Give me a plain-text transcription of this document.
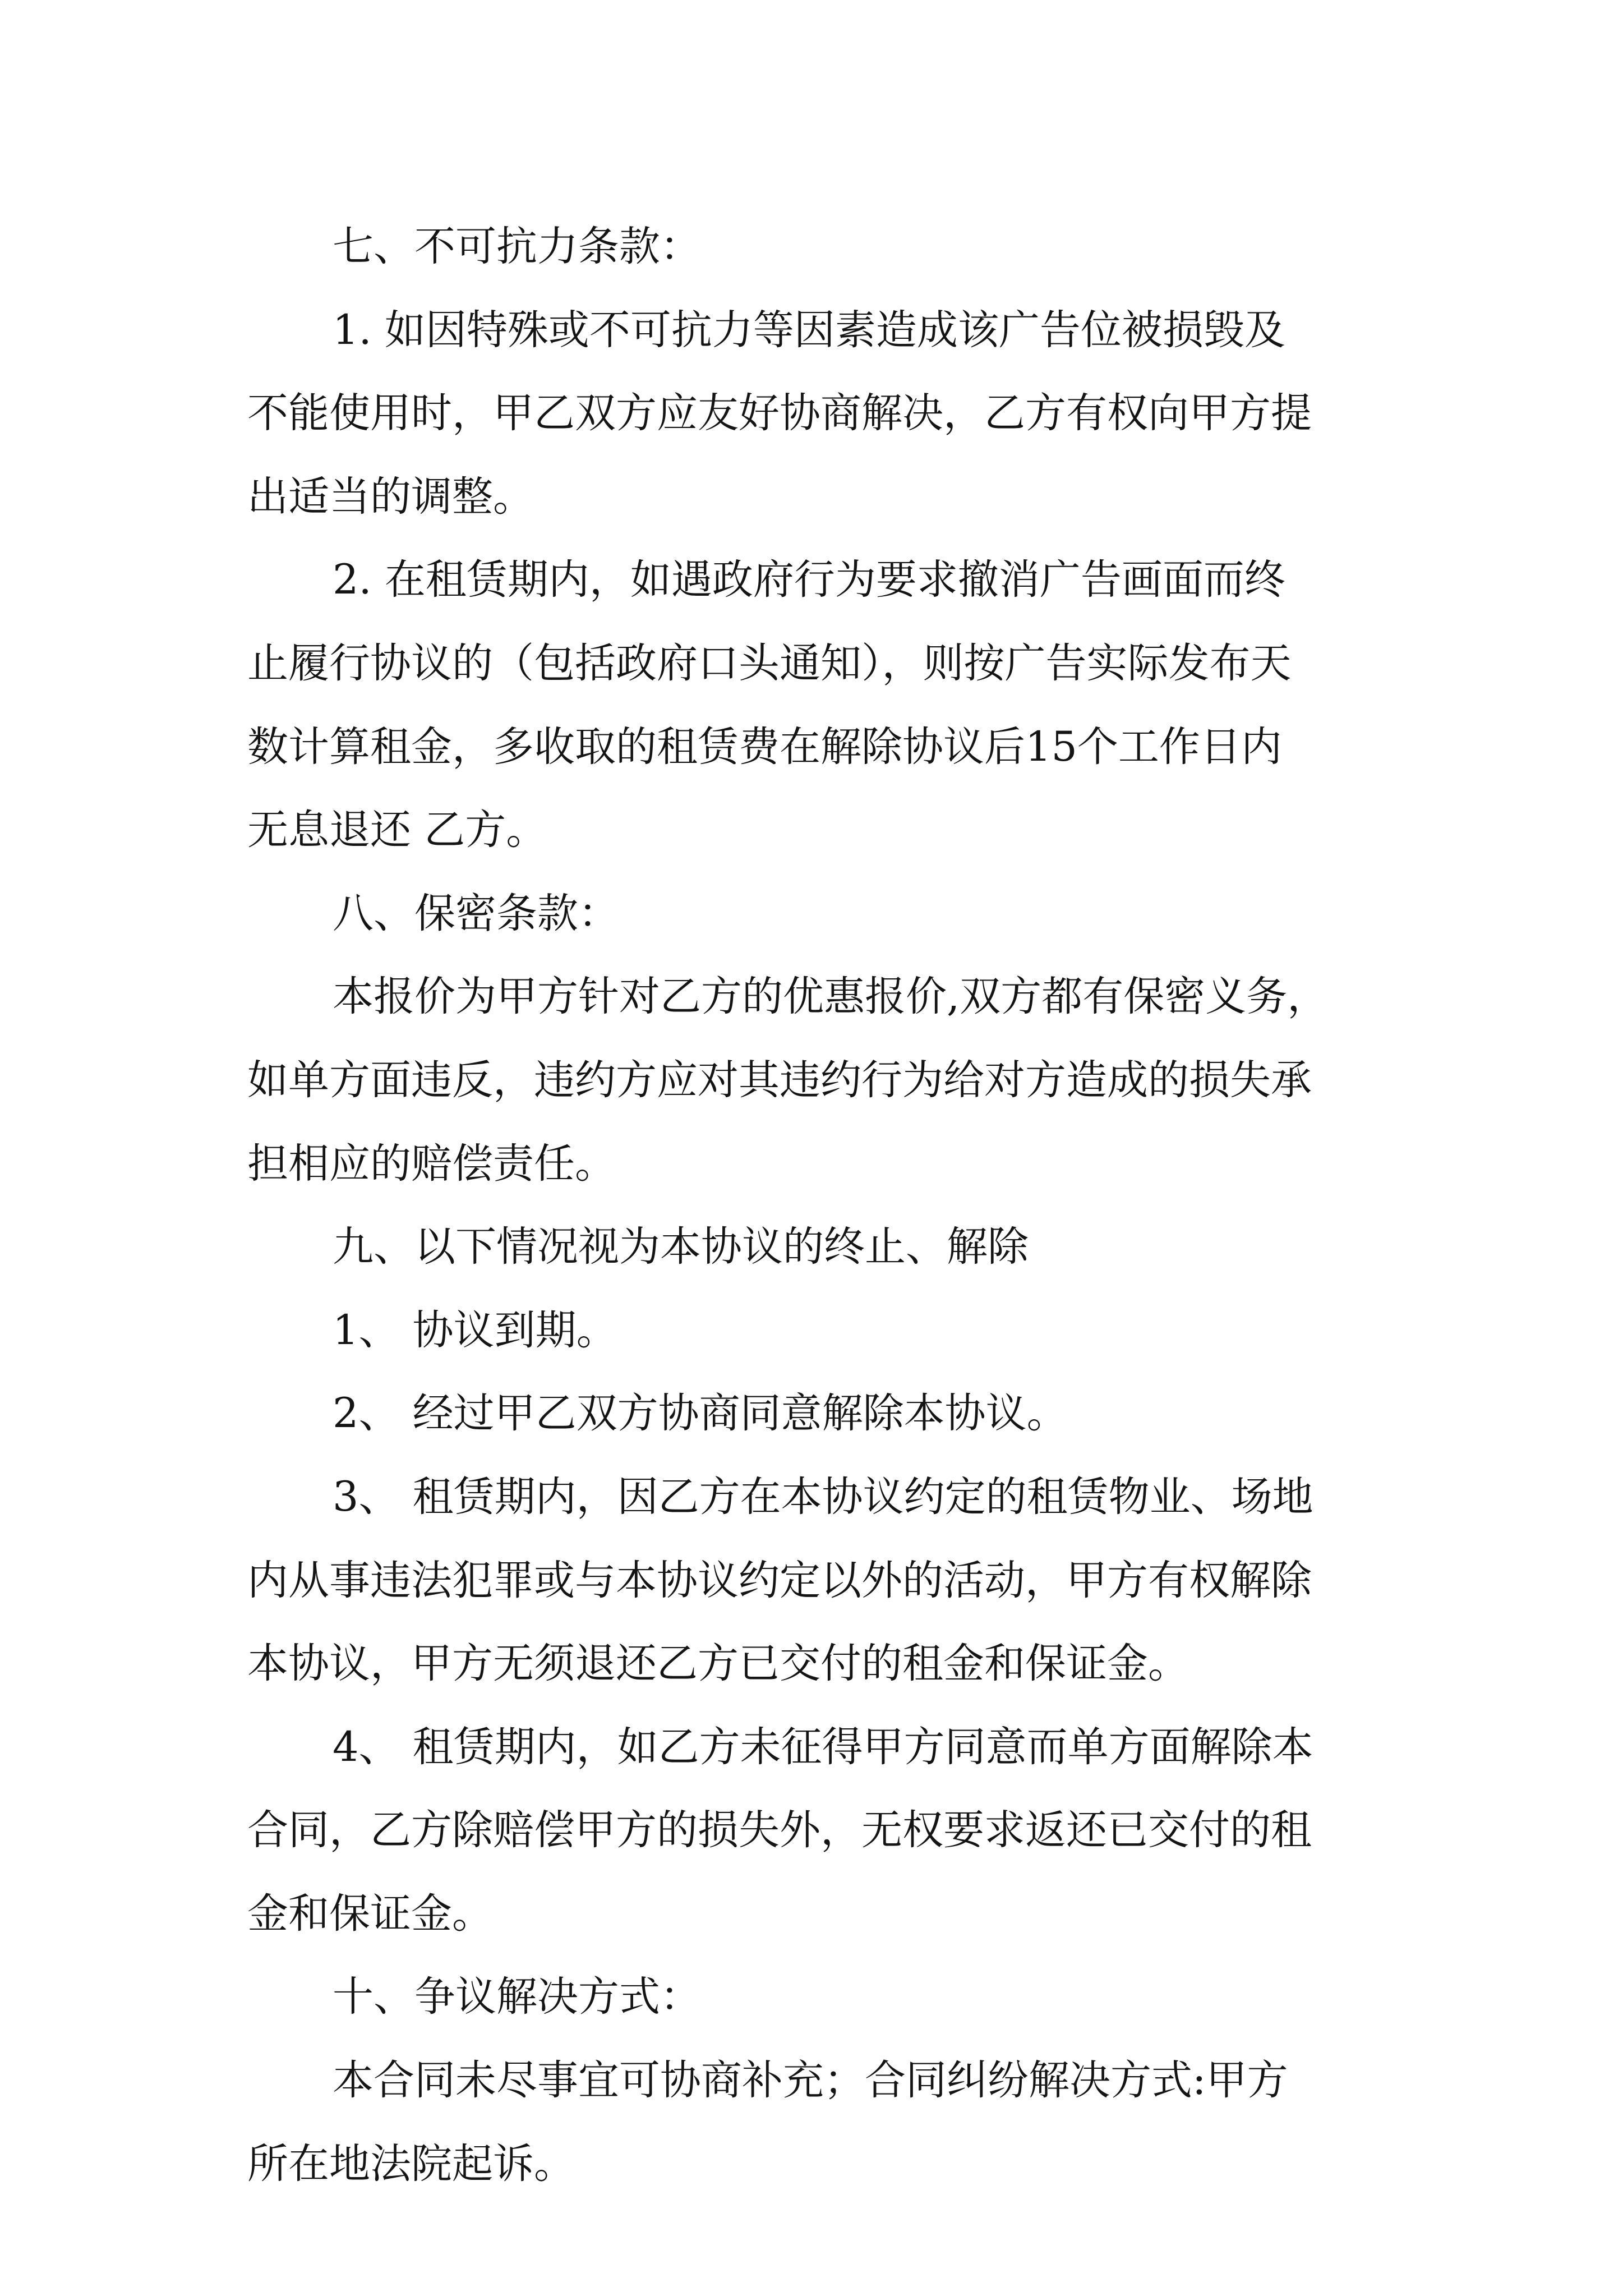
七、不可抗力条款：
1. 如因特殊或不可抗力等因素造成该广告位被损毁及
不能使用时，甲乙双方应友好协商解决，乙方有权向甲方提
出适当的调整。
2. 在租赁期内，如遇政府行为要求撤消广告画面而终
止履行协议的（包括政府口头通知），则按广告实际发布天
数计算租金，多收取的租赁费在解除协议后15个工作日内
无息退还 乙方。
八、保密条款：
本报价为甲方针对乙方的优惠报价,双方都有保密义务，
如单方面违反，违约方应对其违约行为给对方造成的损失承
担相应的赔偿责任。
九、以下情况视为本协议的终止、解除
1、 协议到期。
2、 经过甲乙双方协商同意解除本协议。
3、 租赁期内，因乙方在本协议约定的租赁物业、场地
内从事违法犯罪或与本协议约定以外的活动，甲方有权解除
本协议，甲方无须退还乙方已交付的租金和保证金。
4、 租赁期内，如乙方未征得甲方同意而单方面解除本
合同，乙方除赔偿甲方的损失外，无权要求返还已交付的租
金和保证金。
十、争议解决方式：
本合同未尽事宜可协商补充；合同纠纷解决方式:甲方
所在地法院起诉。
